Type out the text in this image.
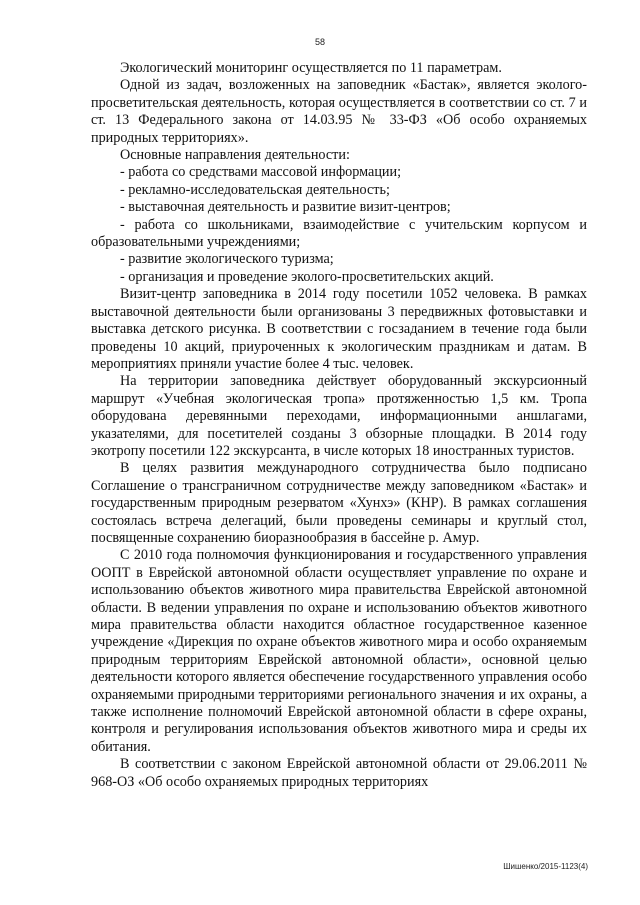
58

Экологический мониторинг осуществляется по 11 параметрам.

Одной из задач, возложенных на заповедник «Бастак», является эколого-просветительская деятельность, которая осуществляется в соответствии со ст. 7 и ст. 13 Федерального закона от 14.03.95 № 33-ФЗ «Об особо охраняемых природных территориях».

Основные направления деятельности:

- работа со средствами массовой информации;

- рекламно-исследовательская деятельность;

- выставочная деятельность и развитие визит-центров;

- работа со школьниками, взаимодействие с учительским корпусом и образовательными учреждениями;

- развитие экологического туризма;

- организация и проведение эколого-просветительских акций.

Визит-центр заповедника в 2014 году посетили 1052 человека. В рамках выставочной деятельности были организованы 3 передвижных фотовыставки и выставка детского рисунка. В соответствии с госзаданием в течение года были проведены 10 акций, приуроченных к экологическим праздникам и датам. В мероприятиях приняли участие более 4 тыс. человек.

На территории заповедника действует оборудованный экскурсионный маршрут «Учебная экологическая тропа» протяженностью 1,5 км. Тропа оборудована деревянными переходами, информационными аншлагами, указателями, для посетителей созданы 3 обзорные площадки. В 2014 году экотропу посетили 122 экскурсанта, в числе которых 18 иностранных туристов.

В целях развития международного сотрудничества было подписано Соглашение о трансграничном сотрудничестве между заповедником «Бастак» и государственным природным резерватом «Хунхэ» (КНР). В рамках соглашения состоялась встреча делегаций, были проведены семинары и круглый стол, посвященные сохранению биоразнообразия в бассейне р. Амур.

С 2010 года полномочия функционирования и государственного управления ООПТ в Еврейской автономной области осуществляет управление по охране и использованию объектов животного мира правительства Еврейской автономной области. В ведении управления по охране и использованию объектов животного мира правительства области находится областное государственное казенное учреждение «Дирекция по охране объектов животного мира и особо охраняемым природным территориям Еврейской автономной области», основной целью деятельности которого является обеспечение государственного управления особо охраняемыми природными территориями регионального значения и их охраны, а также исполнение полномочий Еврейской автономной области в сфере охраны, контроля и регулирования использования объектов животного мира и среды их обитания.

В соответствии с законом Еврейской автономной области от 29.06.2011 № 968-ОЗ «Об особо охраняемых природных территориях

Шишенко/2015-1123(4)
